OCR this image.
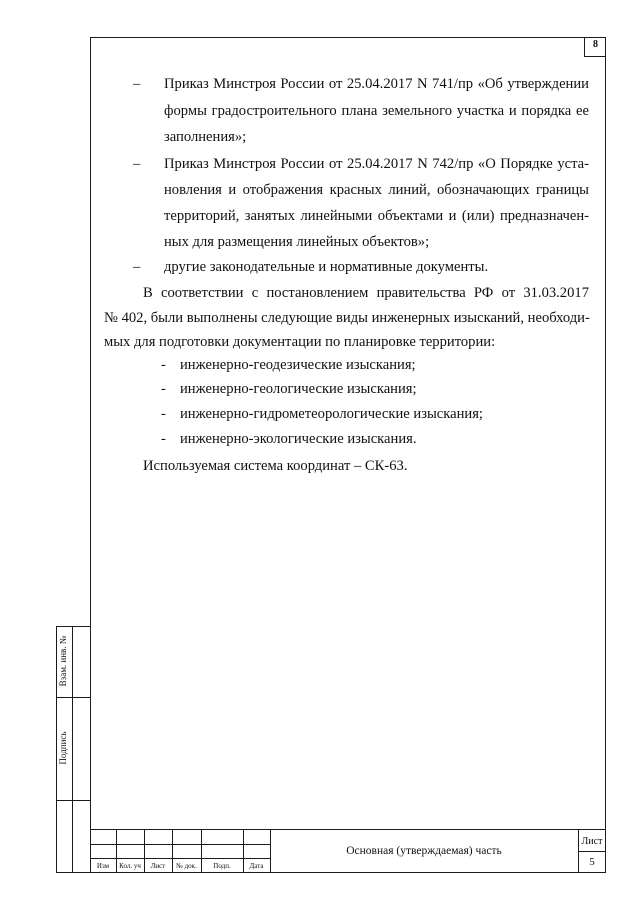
8
Взам. инв. №
Подпись
– Приказ Минстроя России от 25.04.2017 N 741/пр «Об утверждении
формы градостроительного плана земельного участка и порядка ее
заполнения»;
– Приказ Минстроя России от 25.04.2017 N 742/пр «О Порядке уста-
новления и отображения красных линий, обозначающих границы
территорий, занятых линейными объектами и (или) предназначен-
ных для размещения линейных объектов»;
– другие законодательные и нормативные документы.
В соответствии с постановлением правительства РФ от 31.03.2017
№ 402, были выполнены следующие виды инженерных изысканий, необходи-
мых для подготовки документации по планировке территории:
- инженерно-геодезические изыскания;
- инженерно-геологические изыскания;
- инженерно-гидрометеорологические изыскания;
- инженерно-экологические изыскания.
Используемая система координат – СК-63.
Изм	Кол. уч	Лист	№ док.	Подп.	Дата
Основная (утверждаемая) часть
Лист
5
